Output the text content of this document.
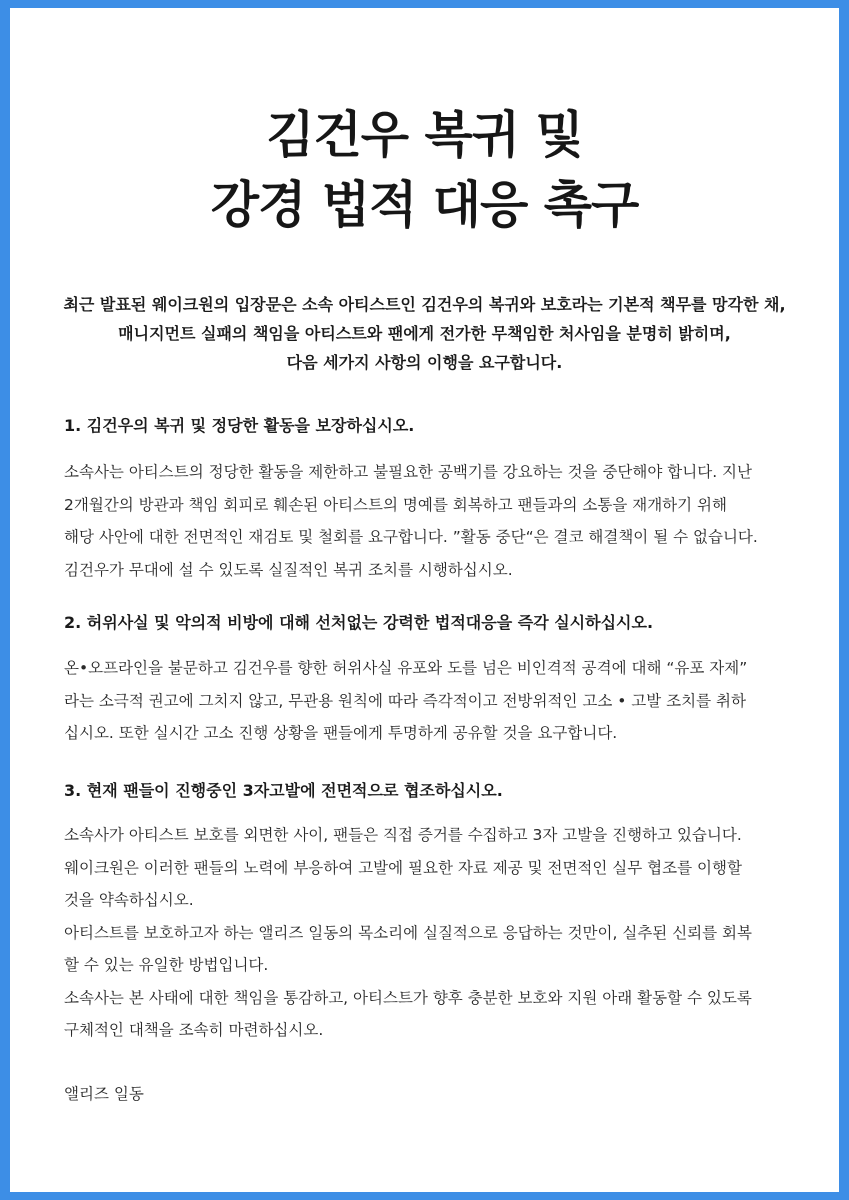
김건우 복귀 및
강경 법적 대응 촉구
최근 발표된 웨이크원의 입장문은 소속 아티스트인 김건우의 복귀와 보호라는 기본적 책무를 망각한 채,
매니지먼트 실패의 책임을 아티스트와 팬에게 전가한 무책임한 처사임을 분명히 밝히며,
다음 세가지 사항의 이행을 요구합니다.
1. 김건우의 복귀 및 정당한 활동을 보장하십시오.
소속사는 아티스트의 정당한 활동을 제한하고 불필요한 공백기를 강요하는 것을 중단해야 합니다. 지난
2개월간의 방관과 책임 회피로 훼손된 아티스트의 명예를 회복하고 팬들과의 소통을 재개하기 위해
해당 사안에 대한 전면적인 재검토 및 철회를 요구합니다. ”활동 중단“은 결코 해결책이 될 수 없습니다.
김건우가 무대에 설 수 있도록 실질적인 복귀 조치를 시행하십시오.
2. 허위사실 및 악의적 비방에 대해 선처없는 강력한 법적대응을 즉각 실시하십시오.
온•오프라인을 불문하고 김건우를 향한 허위사실 유포와 도를 넘은 비인격적 공격에 대해 “유포 자제”
라는 소극적 권고에 그치지 않고, 무관용 원칙에 따라 즉각적이고 전방위적인 고소 • 고발 조치를 취하
십시오. 또한 실시간 고소 진행 상황을 팬들에게 투명하게 공유할 것을 요구합니다.
3. 현재 팬들이 진행중인 3자고발에 전면적으로 협조하십시오.
소속사가 아티스트 보호를 외면한 사이, 팬들은 직접 증거를 수집하고 3자 고발을 진행하고 있습니다.
웨이크원은 이러한 팬들의 노력에 부응하여 고발에 필요한 자료 제공 및 전면적인 실무 협조를 이행할
것을 약속하십시오.
아티스트를 보호하고자 하는 앨리즈 일동의 목소리에 실질적으로 응답하는 것만이, 실추된 신뢰를 회복
할 수 있는 유일한 방법입니다.
소속사는 본 사태에 대한 책임을 통감하고, 아티스트가 향후 충분한 보호와 지원 아래 활동할 수 있도록
구체적인 대책을 조속히 마련하십시오.
앨리즈 일동
